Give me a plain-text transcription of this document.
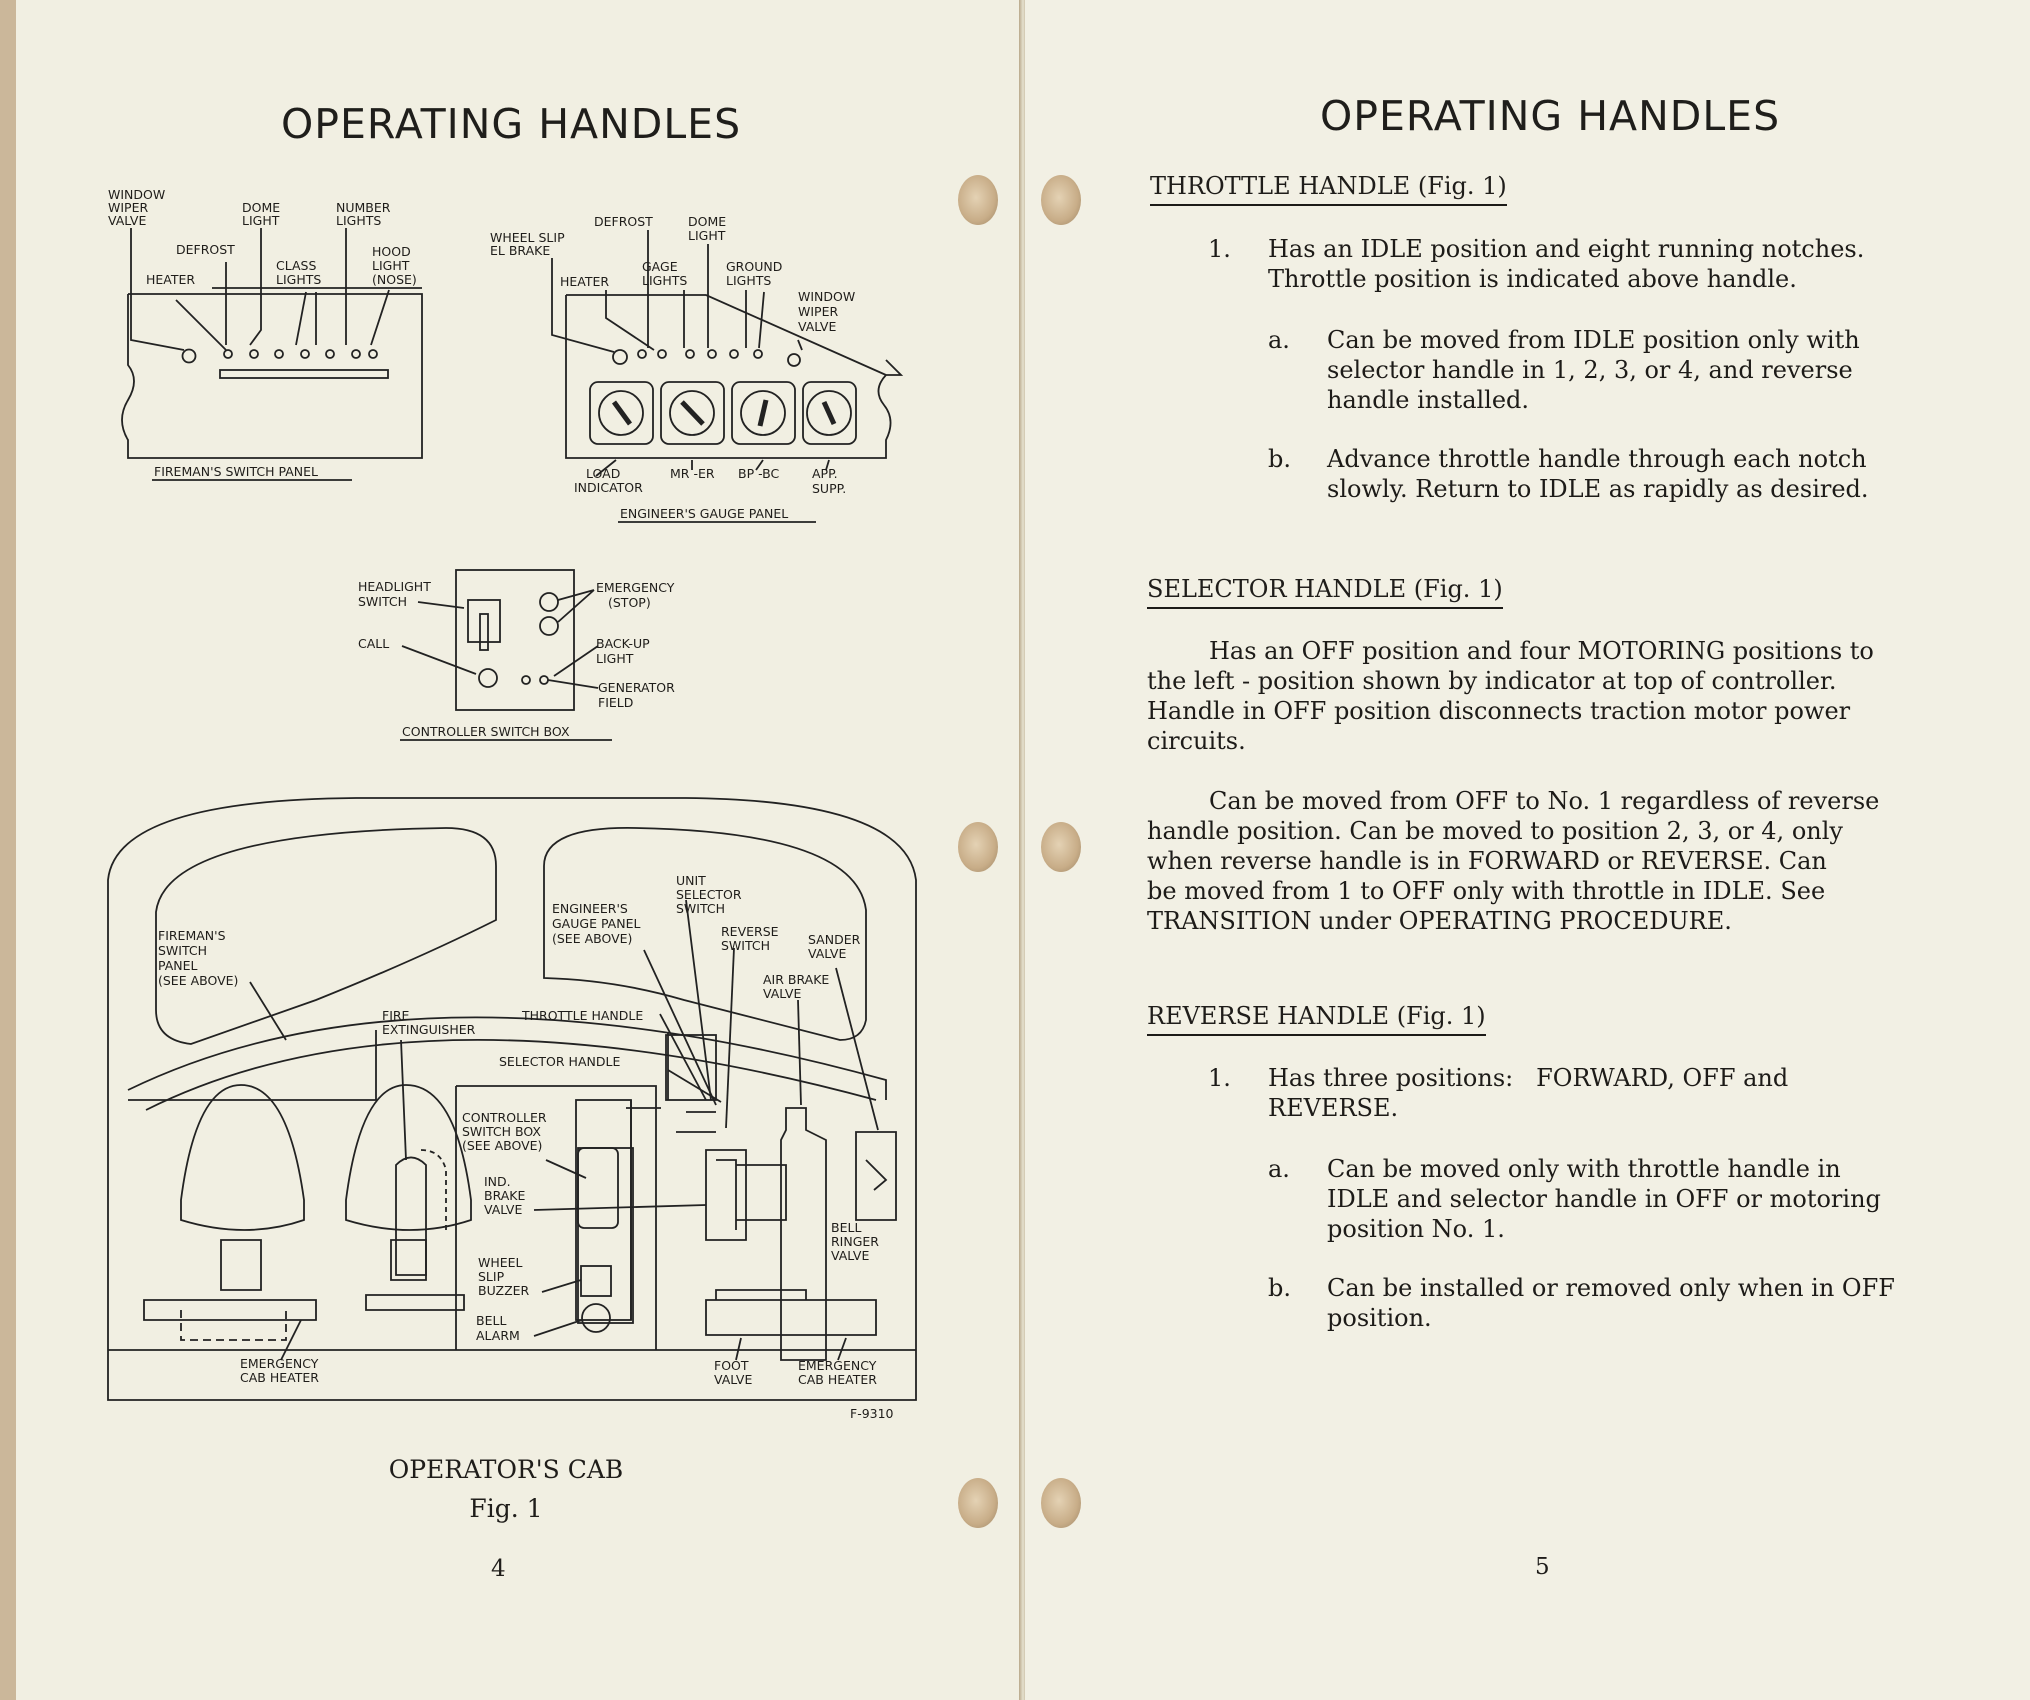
OPERATING HANDLES
WINDOW
WIPER
VALVE
DOME
LIGHT
NUMBER
LIGHTS
DEFROST	HOOD
LIGHT
(NOSE)
HEATER
CLASS
LIGHTS
FIREMAN'S SWITCH PANEL
WHEEL SLIP
EL BRAKE
DEFROST	DOME
LIGHT
HEATER
GAGE
LIGHTS
GROUND
LIGHTS
WINDOW
WIPER
VALVE
LOAD
INDICATOR
MR -ER BP -BC	APP.
SUPP.
ENGINEER'S GAUGE PANEL
HEADLIGHT
SWITCH
CALL
EMERGENCY
(STOP)
BACK-UP
LIGHT
GENERATOR
FIELD
CONTROLLER SWITCH BOX
FIREMAN'S
SWITCH
PANEL
(SEE ABOVE)
ENGINEER'S
GAUGE PANEL
(SEE ABOVE)
UNIT
SELECTOR
SWITCH
REVERSE
SWITCH	SANDER
VALVE
AIR BRAKE
VALVE
FIRE
EXTINGUISHER
THROTTLE HANDLE
SELECTOR HANDLE
CONTROLLER
SWITCH BOX
(SEE ABOVE)
IND.
BRAKE
VALVE
WHEEL
SLIP
BUZZER
BELL
ALARM
BELL
RINGER
VALVE
EMERGENCY
CAB HEATER
FOOT
VALVE
EMERGENCY
CAB HEATER
F-9310
OPERATOR'S CAB
Fig. 1
4
OPERATING HANDLES
THROTTLE HANDLE (Fig. 1)
1. Has an IDLE position and eight running notches.
Throttle position is indicated above handle.
a. Can be moved from IDLE position only with
selector handle in 1, 2, 3, or 4, and reverse
handle installed.
b. Advance throttle handle through each notch
slowly. Return to IDLE as rapidly as desired.
SELECTOR HANDLE (Fig. 1)
Has an OFF position and four MOTORING positions to
the left - position shown by indicator at top of controller.
Handle in OFF position disconnects traction motor power
circuits.
Can be moved from OFF to No. 1 regardless of reverse
handle position. Can be moved to position 2, 3, or 4, only
when reverse handle is in FORWARD or REVERSE. Can
be moved from 1 to OFF only with throttle in IDLE. See
TRANSITION under OPERATING PROCEDURE.
REVERSE HANDLE (Fig. 1)
1. Has three positions:   FORWARD, OFF and
REVERSE.
a. Can be moved only with throttle handle in
IDLE and selector handle in OFF or motoring
position No. 1.
b. Can be installed or removed only when in OFF
position.
5
